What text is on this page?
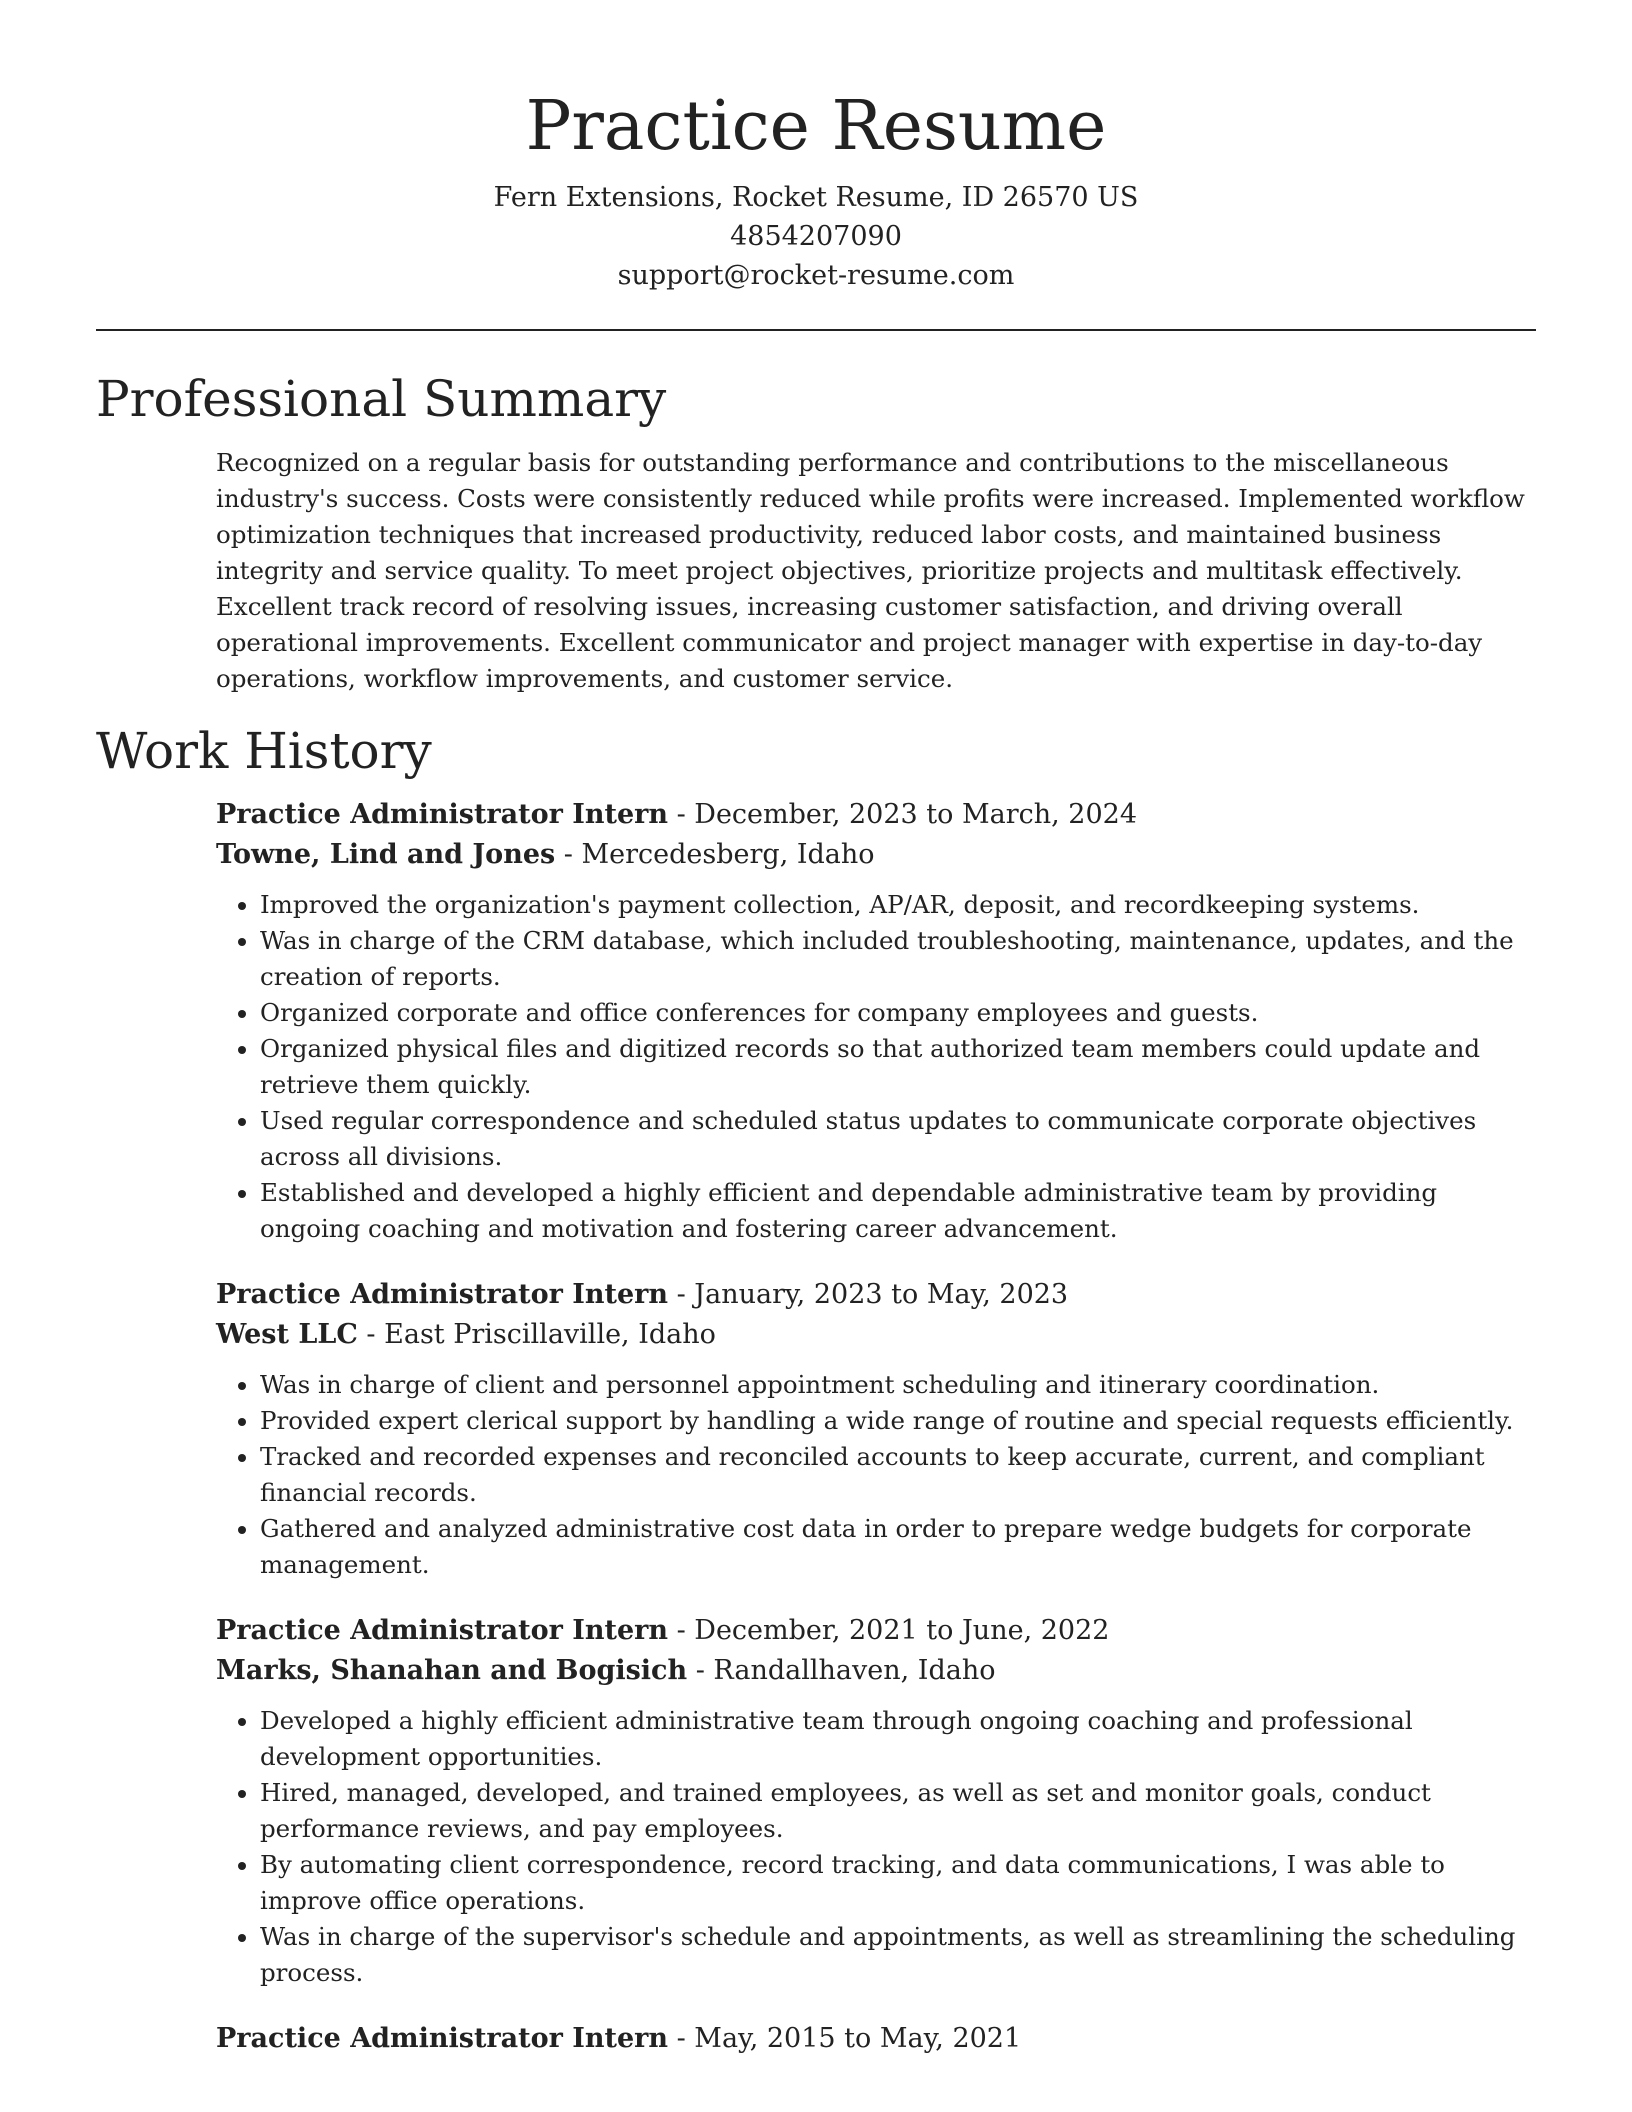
Practice Resume
Fern Extensions, Rocket Resume, ID 26570 US
4854207090
support@rocket-resume.com
Professional Summary
Recognized on a regular basis for outstanding performance and contributions to the miscellaneous industry's success. Costs were consistently reduced while profits were increased. Implemented workflow optimization techniques that increased productivity, reduced labor costs, and maintained business integrity and service quality. To meet project objectives, prioritize projects and multitask effectively. Excellent track record of resolving issues, increasing customer satisfaction, and driving overall operational improvements. Excellent communicator and project manager with expertise in day-to-day operations, workflow improvements, and customer service.
Work History
Practice Administrator Intern - December, 2023 to March, 2024
Towne, Lind and Jones - Mercedesberg, Idaho
• Improved the organization's payment collection, AP/AR, deposit, and recordkeeping systems.
• Was in charge of the CRM database, which included troubleshooting, maintenance, updates, and the creation of reports.
• Organized corporate and office conferences for company employees and guests.
• Organized physical files and digitized records so that authorized team members could update and retrieve them quickly.
• Used regular correspondence and scheduled status updates to communicate corporate objectives across all divisions.
• Established and developed a highly efficient and dependable administrative team by providing ongoing coaching and motivation and fostering career advancement.
Practice Administrator Intern - January, 2023 to May, 2023
West LLC - East Priscillaville, Idaho
• Was in charge of client and personnel appointment scheduling and itinerary coordination.
• Provided expert clerical support by handling a wide range of routine and special requests efficiently.
• Tracked and recorded expenses and reconciled accounts to keep accurate, current, and compliant financial records.
• Gathered and analyzed administrative cost data in order to prepare wedge budgets for corporate management.
Practice Administrator Intern - December, 2021 to June, 2022
Marks, Shanahan and Bogisich - Randallhaven, Idaho
• Developed a highly efficient administrative team through ongoing coaching and professional development opportunities.
• Hired, managed, developed, and trained employees, as well as set and monitor goals, conduct performance reviews, and pay employees.
• By automating client correspondence, record tracking, and data communications, I was able to improve office operations.
• Was in charge of the supervisor's schedule and appointments, as well as streamlining the scheduling process.
Practice Administrator Intern - May, 2015 to May, 2021
